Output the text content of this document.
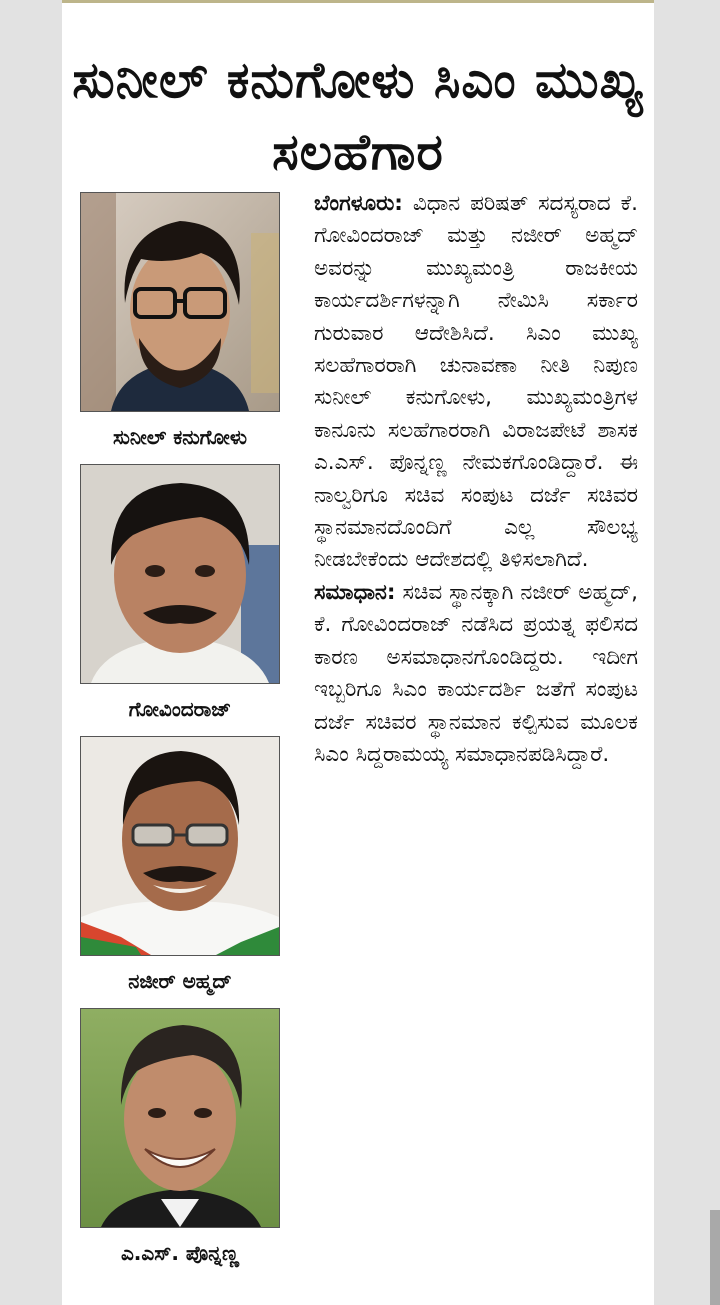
ಸುನೀಲ್ ಕನುಗೋಳು ಸಿಎಂ ಮುಖ್ಯ ಸಲಹೆಗಾರ
ಸುನೀಲ್ ಕನುಗೋಳು
ಗೋವಿಂದರಾಜ್
ನಜೀರ್ ಅಹ್ಮದ್
ಎ.ಎಸ್. ಪೊನ್ನಣ್ಣ

ಬೆಂಗಳೂರು: ವಿಧಾನ ಪರಿಷತ್ ಸದಸ್ಯರಾದ ಕೆ. ಗೋವಿಂದರಾಜ್ ಮತ್ತು ನಜೀರ್ ಅಹ್ಮದ್ ಅವರನ್ನು ಮುಖ್ಯಮಂತ್ರಿ ರಾಜಕೀಯ ಕಾರ್ಯದರ್ಶಿಗಳನ್ನಾಗಿ ನೇಮಿಸಿ ಸರ್ಕಾರ ಗುರುವಾರ ಆದೇಶಿಸಿದೆ. ಸಿಎಂ ಮುಖ್ಯ ಸಲಹೆಗಾರರಾಗಿ ಚುನಾವಣಾ ನೀತಿ ನಿಪುಣ ಸುನೀಲ್ ಕನುಗೋಳು, ಮುಖ್ಯಮಂತ್ರಿಗಳ ಕಾನೂನು ಸಲಹೆಗಾರರಾಗಿ ವಿರಾಜಪೇಟೆ ಶಾಸಕ ಎ.ಎಸ್. ಪೊನ್ನಣ್ಣ ನೇಮಕಗೊಂಡಿದ್ದಾರೆ. ಈ ನಾಲ್ವರಿಗೂ ಸಚಿವ ಸಂಪುಟ ದರ್ಜೆ ಸಚಿವರ ಸ್ಥಾನಮಾನದೊಂದಿಗೆ ಎಲ್ಲ ಸೌಲಭ್ಯ ನೀಡಬೇಕೆಂದು ಆದೇಶದಲ್ಲಿ ತಿಳಿಸಲಾಗಿದೆ.

ಸಮಾಧಾನ: ಸಚಿವ ಸ್ಥಾನಕ್ಕಾಗಿ ನಜೀರ್ ಅಹ್ಮದ್, ಕೆ. ಗೋವಿಂದರಾಜ್ ನಡೆಸಿದ ಪ್ರಯತ್ನ ಫಲಿಸದ ಕಾರಣ ಅಸಮಾಧಾನಗೊಂಡಿದ್ದರು. ಇದೀಗ ಇಬ್ಬರಿಗೂ ಸಿಎಂ ಕಾರ್ಯದರ್ಶಿ ಜತೆಗೆ ಸಂಪುಟ ದರ್ಜೆ ಸಚಿವರ ಸ್ಥಾನಮಾನ ಕಲ್ಪಿಸುವ ಮೂಲಕ ಸಿಎಂ ಸಿದ್ದರಾಮಯ್ಯ ಸಮಾಧಾನಪಡಿಸಿದ್ದಾರೆ.
